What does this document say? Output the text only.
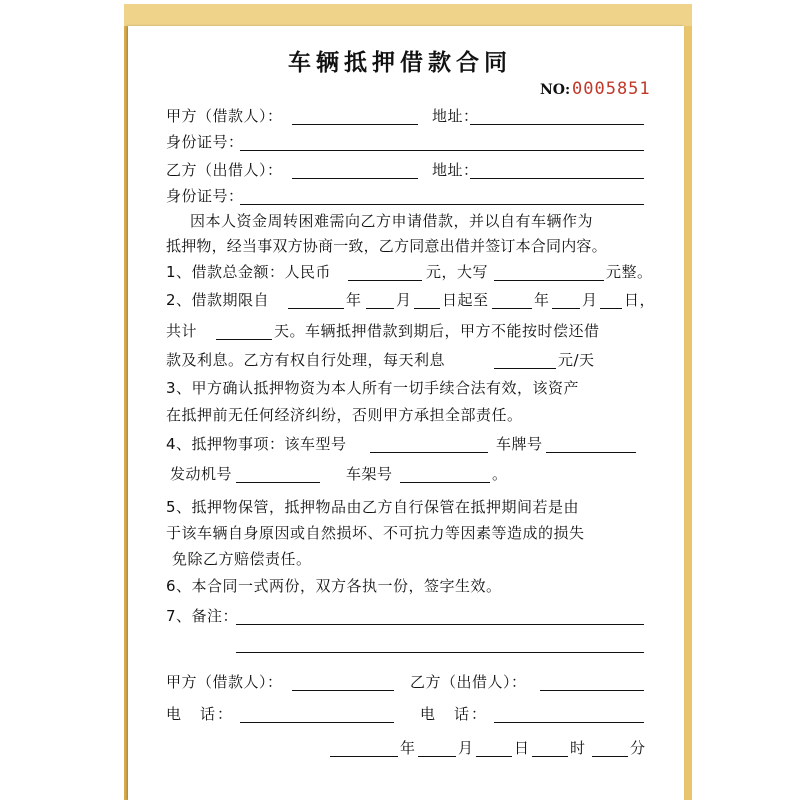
车辆抵押借款合同
NO: 0005851
甲方（借款人）：	地址：
身份证号：
乙方（出借人）：	地址：
身份证号：
因本人资金周转困难需向乙方申请借款，并以自有车辆作为
抵押物，经当事双方协商一致，乙方同意出借并签订本合同内容。
1、借款总金额：人民币	元，大写	元整。
2、借款期限自	年 月 日起至	年 月 日，
共计	天。车辆抵押借款到期后，甲方不能按时偿还借
款及利息。乙方有权自行处理，每天利息	元/天
3、甲方确认抵押物资为本人所有一切手续合法有效，该资产
在抵押前无任何经济纠纷，否则甲方承担全部责任。
4、抵押物事项：该车型号	车牌号
发动机号	车架号	。
5、抵押物保管，抵押物品由乙方自行保管在抵押期间若是由
于该车辆自身原因或自然损坏、不可抗力等因素等造成的损失
免除乙方赔偿责任。
6、本合同一式两份，双方各执一份，签字生效。
7、备注：
甲方（借款人）：	乙方（出借人）：
电　话：	电　话：
年	月	日	时	分
